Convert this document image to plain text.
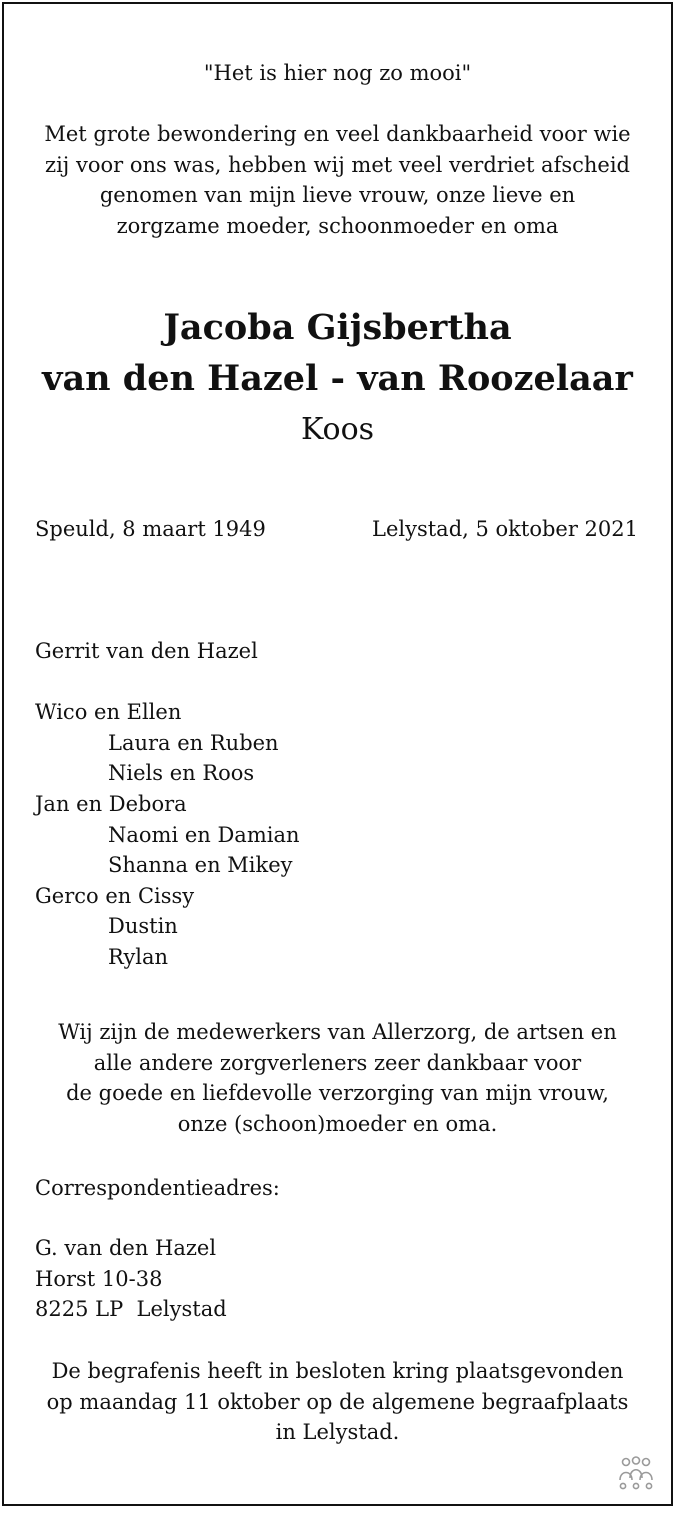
"Het is hier nog zo mooi"
Met grote bewondering en veel dankbaarheid voor wie
zij voor ons was, hebben wij met veel verdriet afscheid
genomen van mijn lieve vrouw, onze lieve en
zorgzame moeder, schoonmoeder en oma
Jacoba Gijsbertha
van den Hazel - van Roozelaar
Koos
Speuld, 8 maart 1949	Lelystad, 5 oktober 2021
Gerrit van den Hazel
Wico en Ellen
Laura en Ruben
Niels en Roos
Jan en Debora
Naomi en Damian
Shanna en Mikey
Gerco en Cissy
Dustin
Rylan
Wij zijn de medewerkers van Allerzorg, de artsen en
alle andere zorgverleners zeer dankbaar voor
de goede en liefdevolle verzorging van mijn vrouw,
onze (schoon)moeder en oma.
Correspondentieadres:
G. van den Hazel
Horst 10-38
8225 LP  Lelystad
De begrafenis heeft in besloten kring plaatsgevonden
op maandag 11 oktober op de algemene begraafplaats
in Lelystad.
